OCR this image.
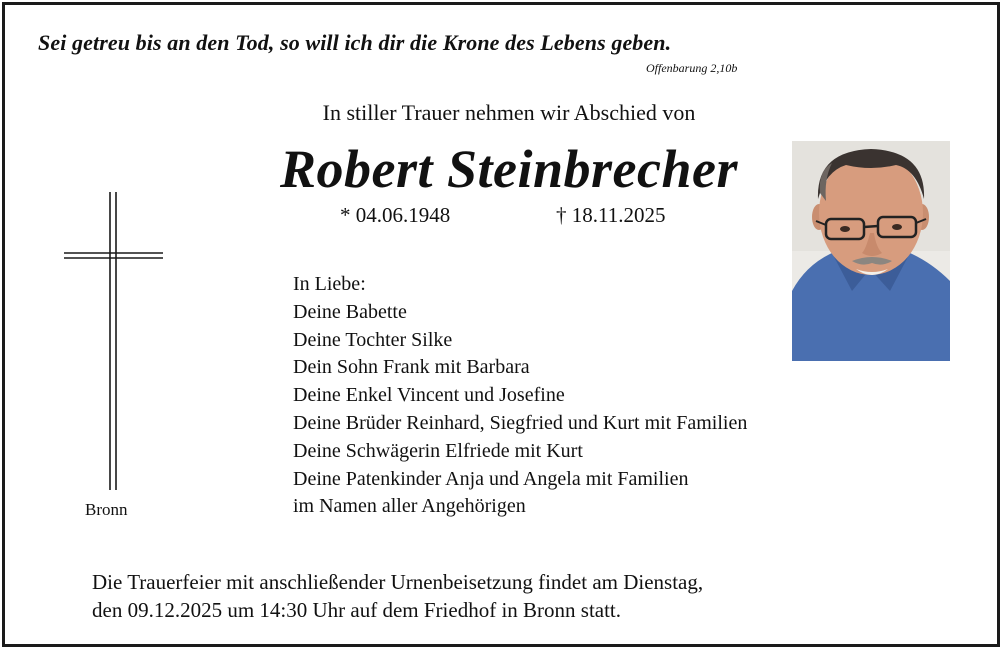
Sei getreu bis an den Tod, so will ich dir die Krone des Lebens geben.
Offenbarung 2,10b
In stiller Trauer nehmen wir Abschied von
Robert Steinbrecher
* 04.06.1948	† 18.11.2025
Bronn
In Liebe:
Deine Babette
Deine Tochter Silke
Dein Sohn Frank mit Barbara
Deine Enkel Vincent und Josefine
Deine Brüder Reinhard, Siegfried und Kurt mit Familien
Deine Schwägerin Elfriede mit Kurt
Deine Patenkinder Anja und Angela mit Familien
im Namen aller Angehörigen
Die Trauerfeier mit anschließender Urnenbeisetzung findet am Dienstag,
den 09.12.2025 um 14:30 Uhr auf dem Friedhof in Bronn statt.
